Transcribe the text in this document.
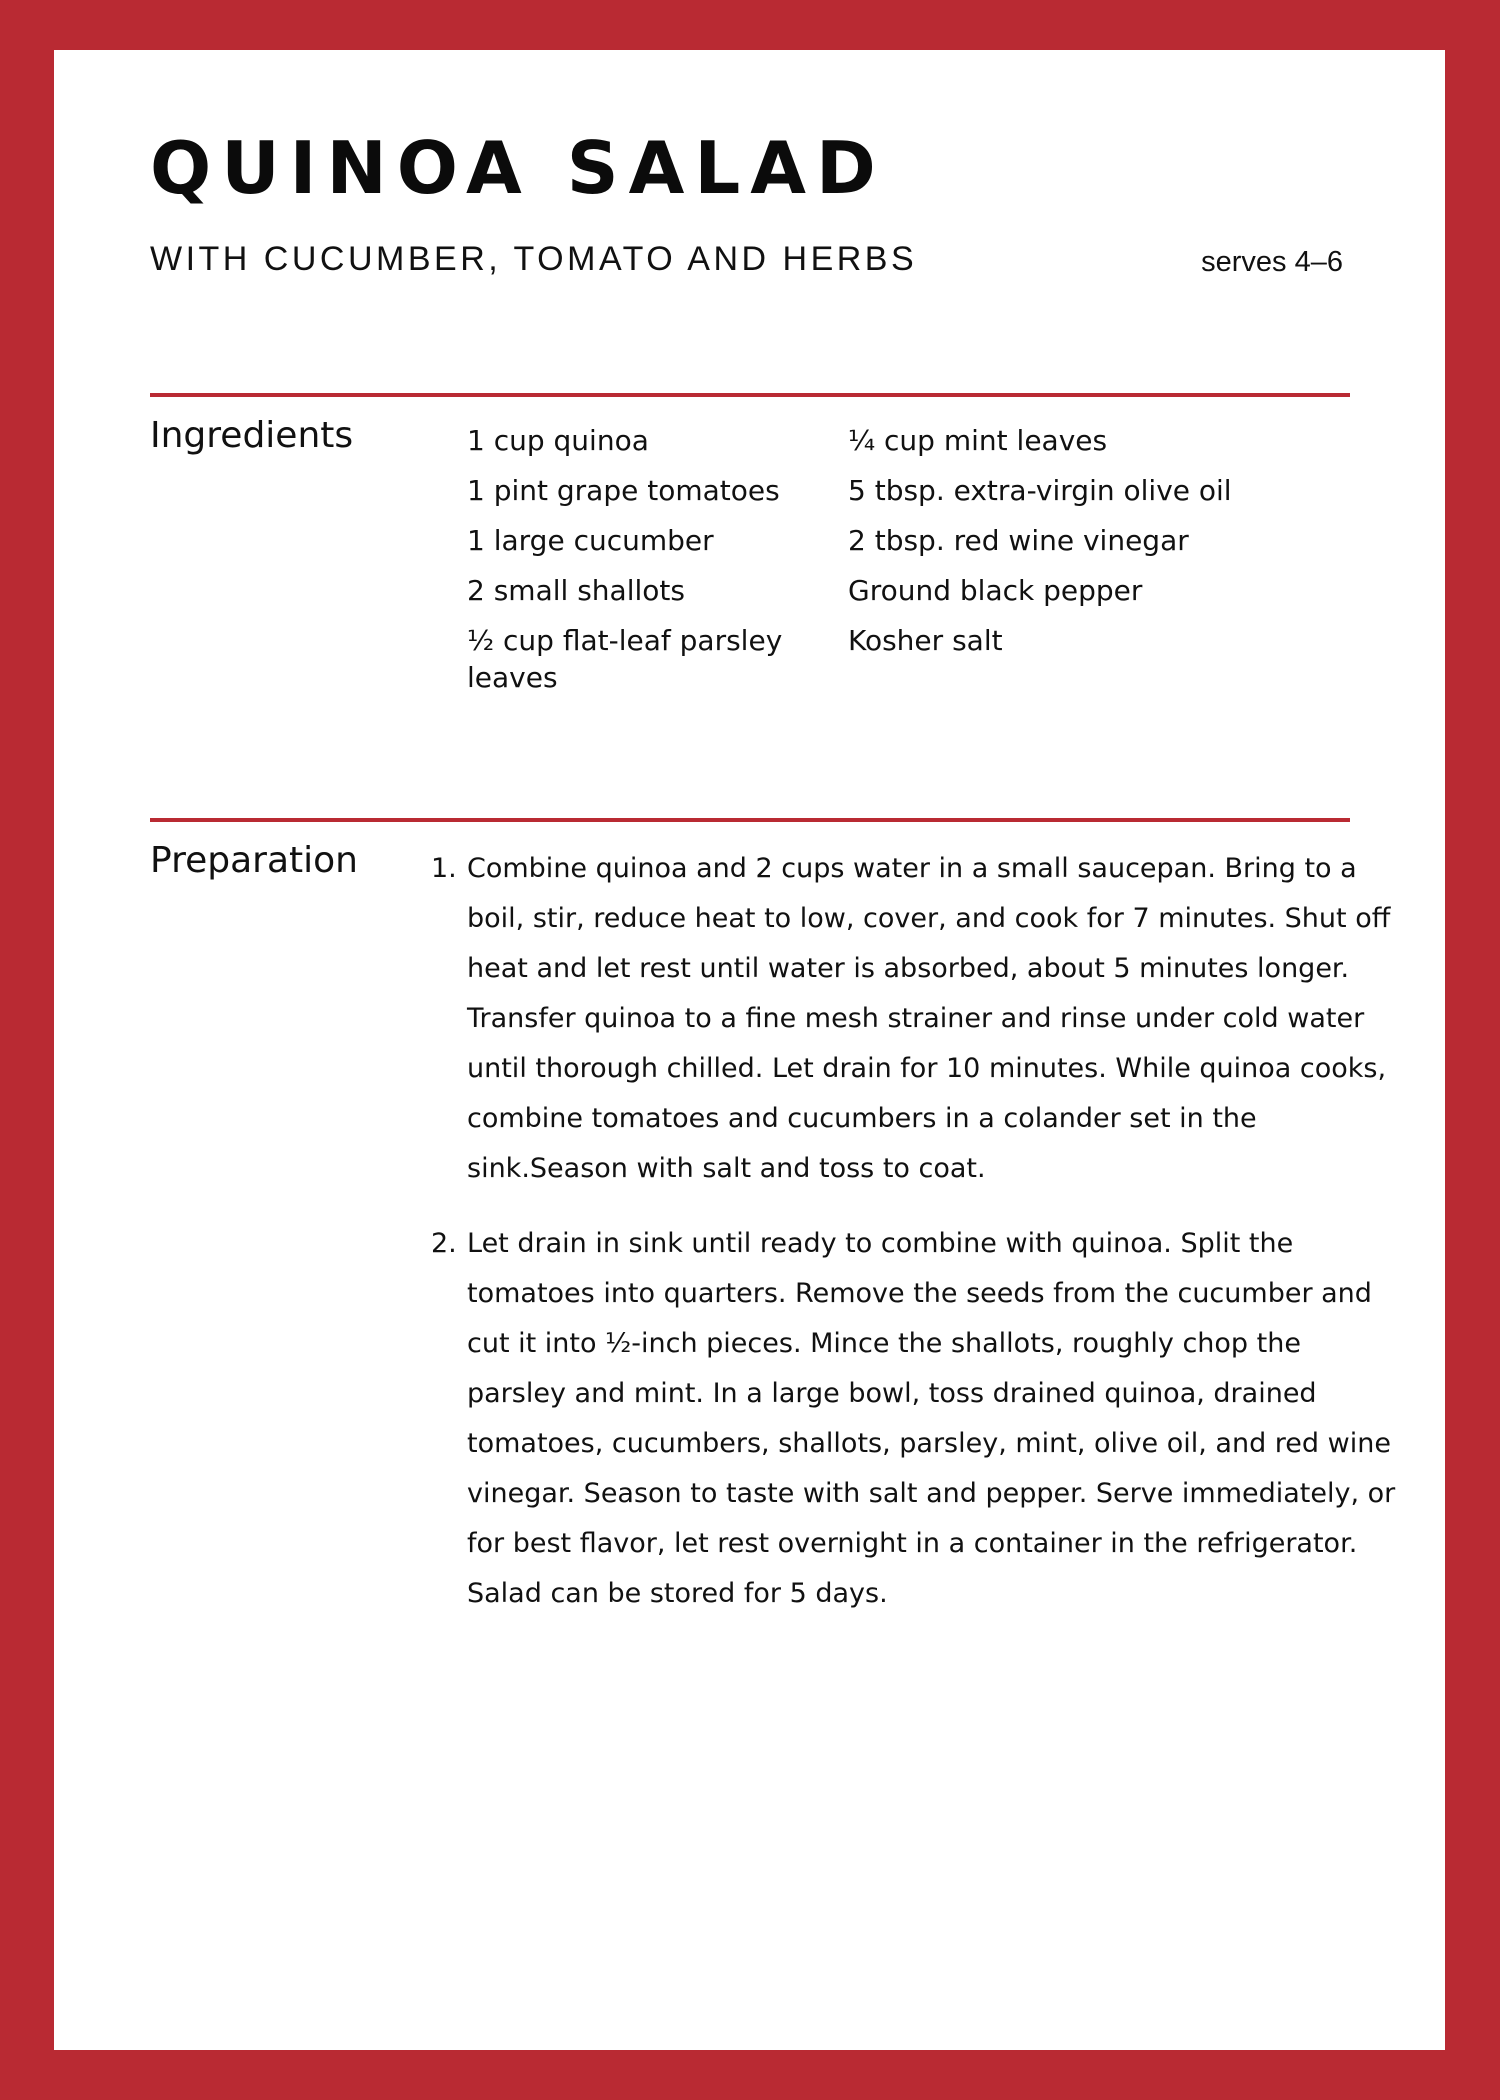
QUINOA SALAD
WITH CUCUMBER, TOMATO AND HERBS	serves 4–6
Ingredients	1 cup quinoa
1 pint grape tomatoes
1 large cucumber
2 small shallots
½ cup flat-leaf parsley leaves
¼ cup mint leaves
5 tbsp. extra-virgin olive oil
2 tbsp. red wine vinegar
Ground black pepper
Kosher salt
Preparation	1. Combine quinoa and 2 cups water in a small saucepan. Bring to a boil, stir, reduce heat to low, cover, and cook for 7 minutes. Shut off heat and let rest until water is absorbed, about 5 minutes longer. Transfer quinoa to a fine mesh strainer and rinse under cold water until thorough chilled. Let drain for 10 minutes. While quinoa cooks, combine tomatoes and cucumbers in a colander set in the sink.Season with salt and toss to coat.
2. Let drain in sink until ready to combine with quinoa. Split the tomatoes into quarters. Remove the seeds from the cucumber and cut it into ½-inch pieces. Mince the shallots, roughly chop the parsley and mint. In a large bowl, toss drained quinoa, drained tomatoes, cucumbers, shallots, parsley, mint, olive oil, and red wine vinegar. Season to taste with salt and pepper. Serve immediately, or for best flavor, let rest overnight in a container in the refrigerator. Salad can be stored for 5 days.
